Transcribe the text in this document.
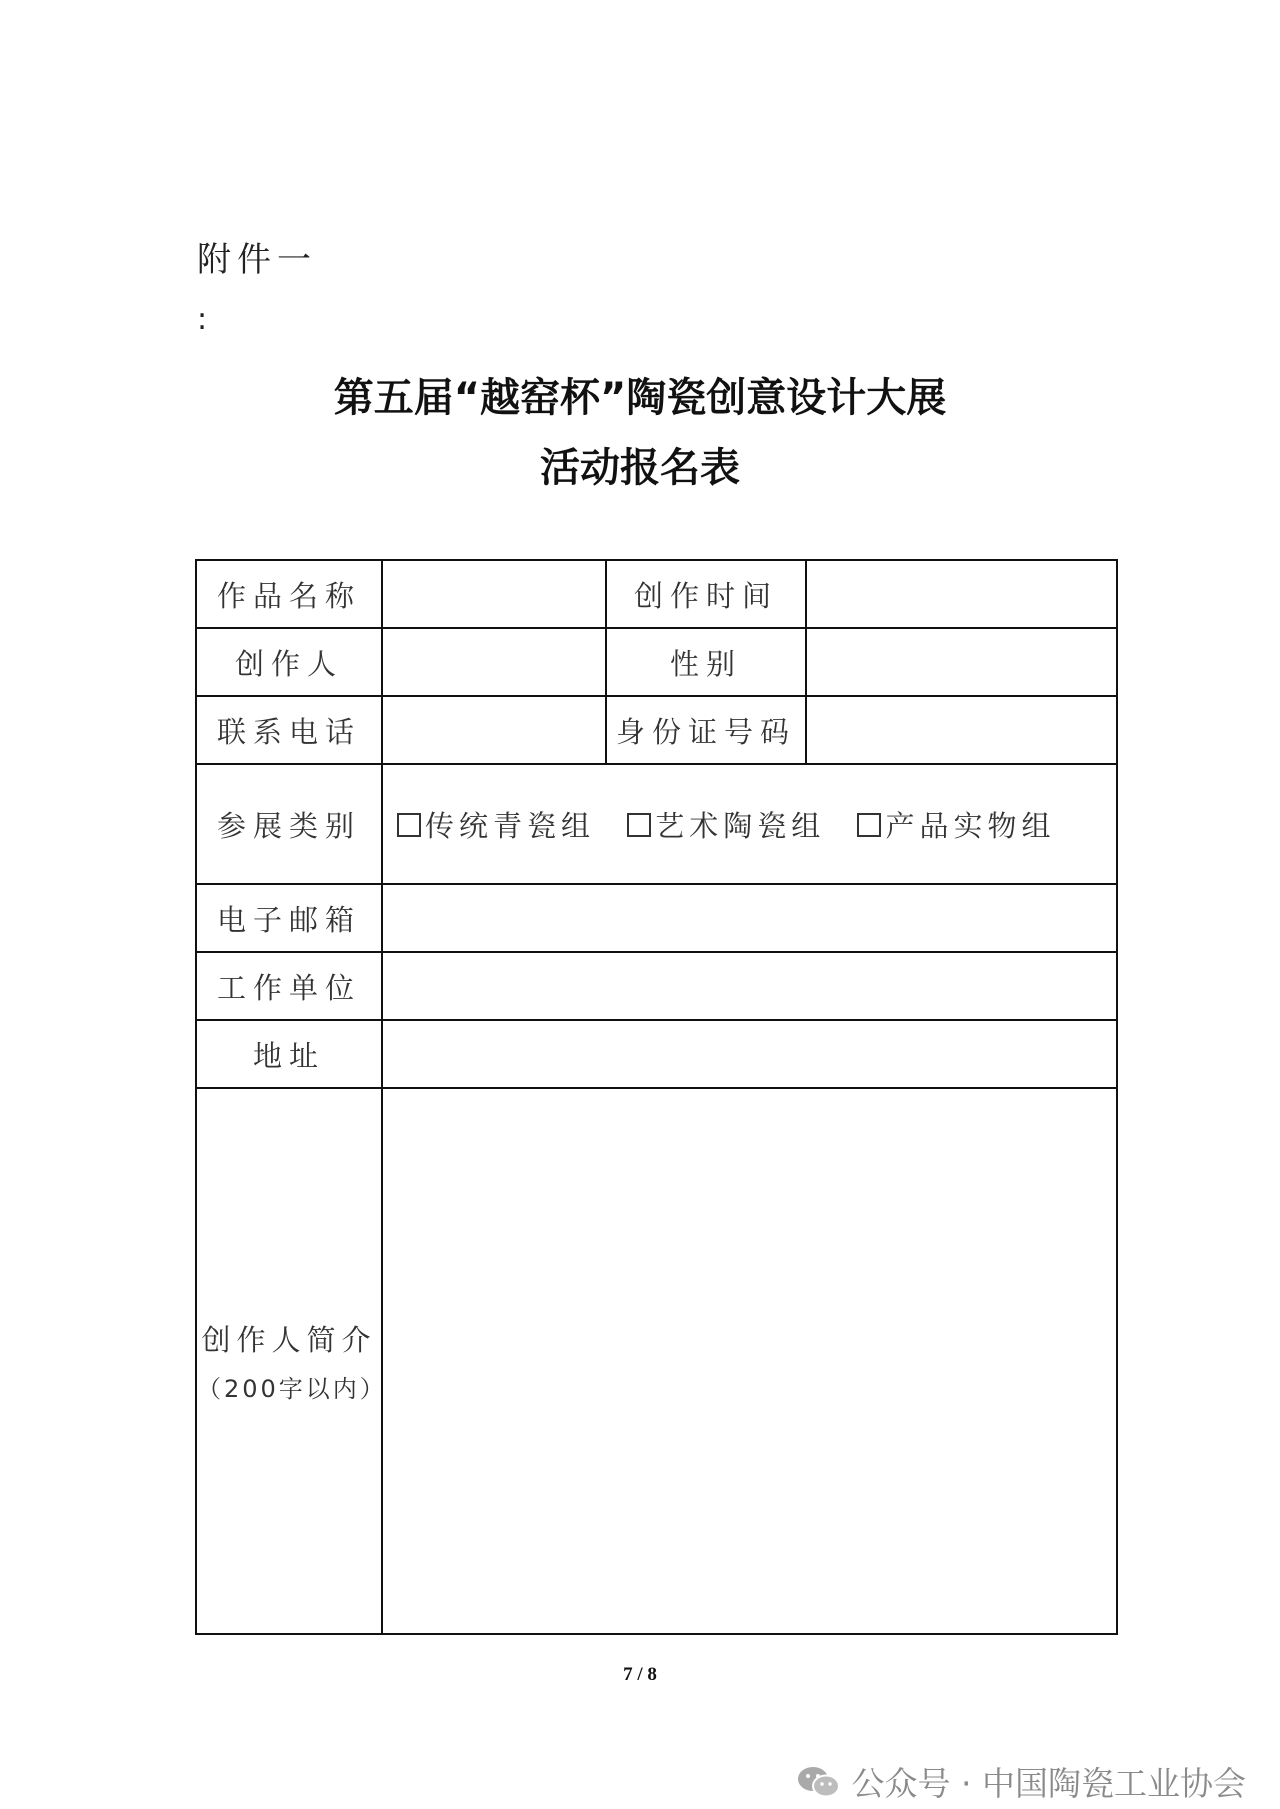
附件一
:
第五届“越窑杯”陶瓷创意设计大展
活动报名表
作品名称		创作时间	
创作人		性别	
联系电话		身份证号码	
参展类别	传统青瓷组 艺术陶瓷组 产品实物组		
电子邮箱			
工作单位			
地址			

创作人简介
（200字以内）			

7 / 8
公众号 · 中国陶瓷工业协会
